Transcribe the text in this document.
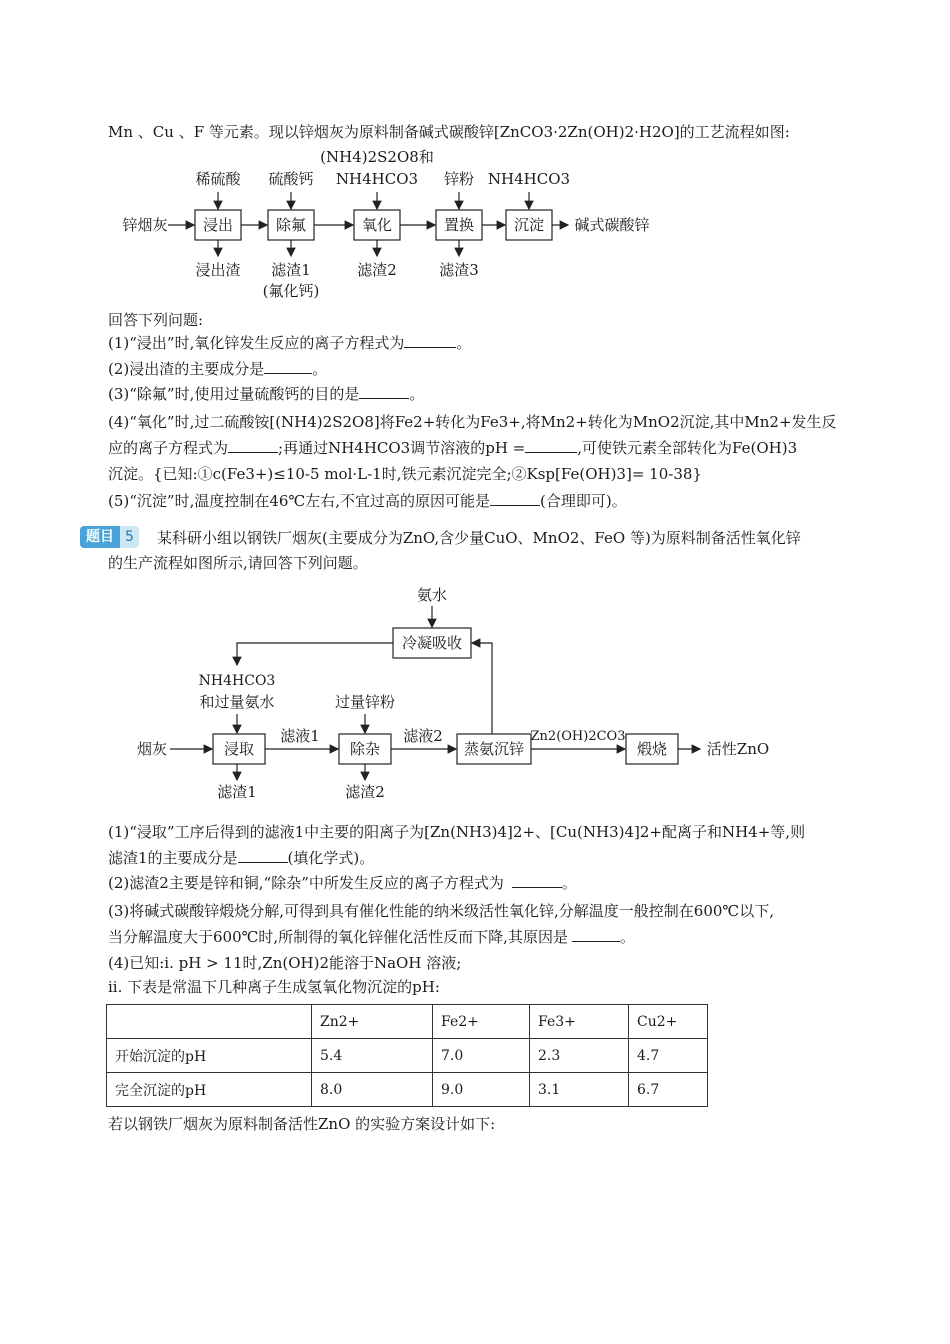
Mn 、Cu 、F 等元素。现以锌烟灰为原料制备碱式碳酸锌[ZnCO3·2Zn(OH)2·H2O]的工艺流程如图:
锌烟灰 浸出	除氟	氧化	置换	沉淀 碱式碳酸锌
稀硫酸 硫酸钙
(NH4)2S2O8和
NH4HCO3 锌粉 NH4HCO3
浸出渣 滤渣1
(氟化钙)
滤渣2	滤渣3
回答下列问题:
(1)“浸出”时,氧化锌发生反应的离子方程式为	。
(2)浸出渣的主要成分是	。
(3)“除氟”时,使用过量硫酸钙的目的是	。
(4)“氧化”时,过二硫酸铵[(NH4)2S2O8]将Fe2+转化为Fe3+,将Mn2+转化为MnO2沉淀,其中Mn2+发生反
应的离子方程式为	;再通过NH4HCO3调节溶液的pH =	,可使铁元素全部转化为Fe(OH)3
沉淀。{已知:①c(Fe3+)≤10-5 mol·L-1时,铁元素沉淀完全;②Ksp[Fe(OH)3]= 10-38}
(5)“沉淀”时,温度控制在46℃左右,不宜过高的原因可能是	(合理即可)。
题目 5	某科研小组以钢铁厂烟灰(主要成分为ZnO,含少量CuO、MnO2、FeO 等)为原料制备活性氧化锌
的生产流程如图所示,请回答下列问题。
氨水
冷凝吸收
NH4HCO3
和过量氨水	过量锌粉
烟灰	浸取
滤液1
除杂
滤液2
蒸氨沉锌
Zn2(OH)2CO3
煅烧	活性ZnO
滤渣1	滤渣2
(1)“浸取”工序后得到的滤液1中主要的阳离子为[Zn(NH3)4]2+、[Cu(NH3)4]2+配离子和NH4+等,则
滤渣1的主要成分是	(填化学式)。
(2)滤渣2主要是锌和铜,“除杂”中所发生反应的离子方程式为	。
(3)将碱式碳酸锌煅烧分解,可得到具有催化性能的纳米级活性氧化锌,分解温度一般控制在600℃以下,
当分解温度大于600℃时,所制得的氧化锌催化活性反而下降,其原因是	。
(4)已知:i. pH > 11时,Zn(OH)2能溶于NaOH 溶液;
ii. 下表是常温下几种离子生成氢氧化物沉淀的pH:
	Zn2+	Fe2+	Fe3+	Cu2+
开始沉淀的pH	5.4	7.0	2.3	4.7
完全沉淀的pH	8.0	9.0	3.1	6.7
若以钢铁厂烟灰为原料制备活性ZnO 的实验方案设计如下:
